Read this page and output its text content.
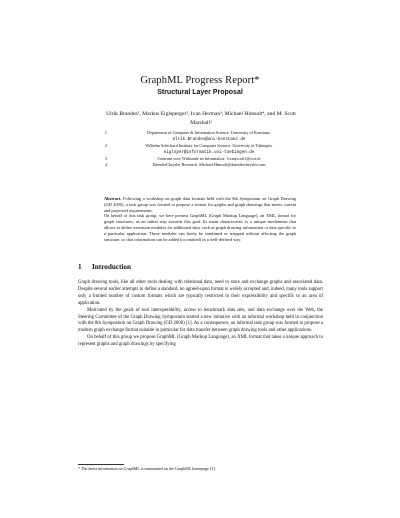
GraphML Progress Report*
Structural Layer Proposal
Ulrik Brandes¹, Markus Eiglsperger², Ivan Herman³, Michael Himsolt⁴, and M. Scott Marshall³
1	Department of Computer & Information Science, University of Konstanz.
Ulrik.Brandes@uni-konstanz.de
2	Wilhelm Schickard Institute for Computer Science, University of Tübingen.
eiglsper@informatik.uni-tuebingen.de
3	Centrum voor Wiskunde en Informatica. {ivan|scott}@cwi.nl
4	DaimlerChrysler Research. Michael.Himsolt@daimlerchrysler.com

Abstract. Following a workshop on graph data formats held with the 8th Symposium on Graph Drawing (GD 2000), a task group was formed to propose a format for graphs and graph drawings that meets current and projected requirements.

On behalf of this task group, we here present GraphML (Graph Markup Language), an XML format for graph structures, as an initial step towards this goal. Its main characteristic is a unique mechanism that allows to define extension modules for additional data, such as graph drawing information or data specific to a particular application. These modules can freely be combined or stripped without affecting the graph structure, so that information can be added (or omitted) in a well-defined way.

1 Introduction

Graph drawing tools, like all other tools dealing with relational data, need to store and exchange graphs and associated data. Despite several earlier attempts to define a standard, no agreed-upon format is widely accepted and, indeed, many tools support only a limited number of custom formats which are typically restricted in their expressibility and specific to an area of application.

Motivated by the goals of tool interoperability, access to benchmark data sets, and data exchange over the Web, the Steering Committee of the Graph Drawing Symposium started a new initiative with an informal workshop held in conjunction with the 8th Symposium on Graph Drawing (GD 2000) [1]. As a consequence, an informal task group was formed to propose a modern graph exchange format suitable in particular for data transfer between graph drawing tools and other applications.

On behalf of this group we propose GraphML (Graph Markup Language), an XML format that takes a unique approach to represent graphs and graph drawings by specifying

* The latest information on GraphML is maintained on the GraphML homepage [2].
